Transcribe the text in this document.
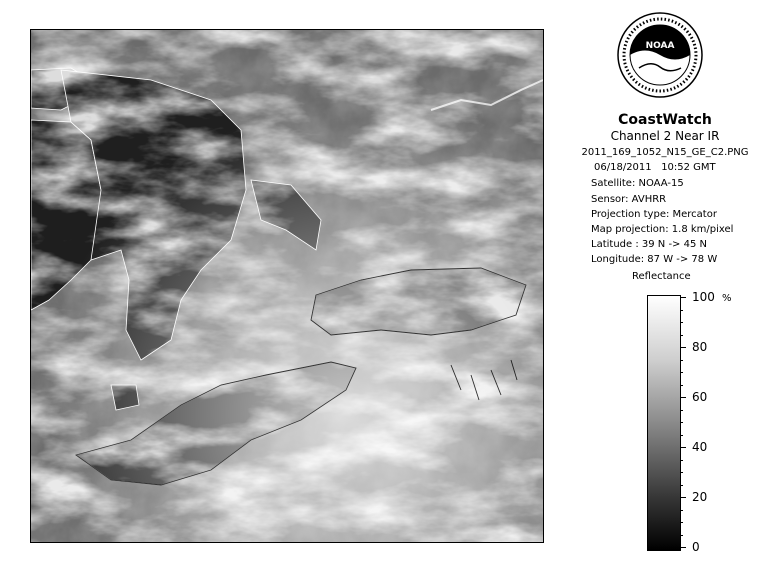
NOAA
CoastWatch
Channel 2 Near IR
2011_169_1052_N15_GE_C2.PNG
06/18/2011 10:52 GMT
Satellite: NOAA-15
Sensor: AVHRR
Projection type: Mercator
Map projection: 1.8 km/pixel
Latitude : 39 N -> 45 N
Longitude: 87 W -> 78 W
Reflectance
%
100
80
60
40
20
0
